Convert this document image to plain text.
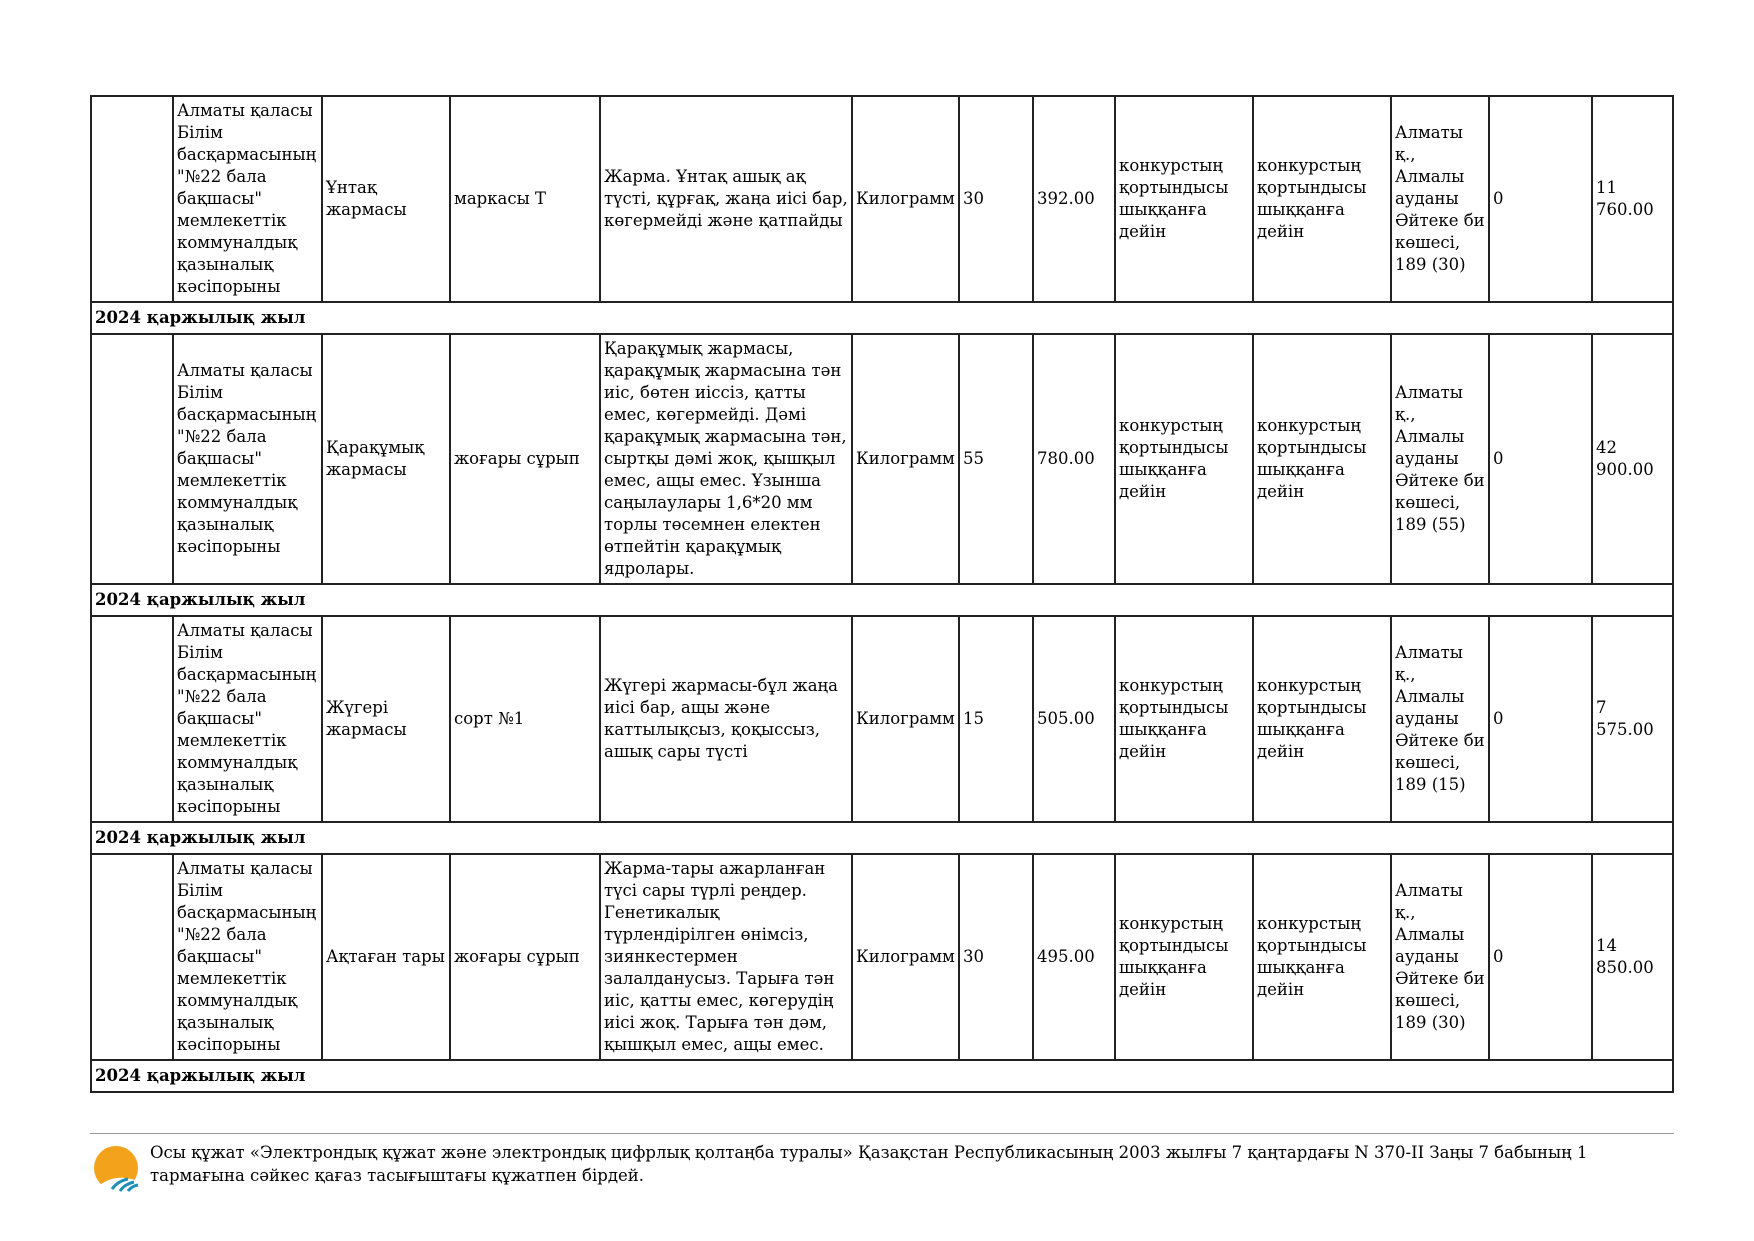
	Алматы қаласы Білім басқармасының "№22 бала бақшасы" мемлекеттік коммуналдық қазыналық кәсіпорыны	Ұнтақ жармасы	маркасы Т	Жарма. Ұнтақ ашық ақ түсті, құрғақ, жаңа иісі бар, көгермейді және қатпайды	Килограмм	30	392.00	конкурстың қортындысы шыққанға дейін	конкурстың қортындысы шыққанға дейін	Алматы қ., Алмалы ауданы Әйтеке би көшесі, 189 (30)	0	11 760.00
2024 қаржылық жыл												
	Алматы қаласы Білім басқармасының "№22 бала бақшасы" мемлекеттік коммуналдық қазыналық кәсіпорыны	Қарақұмық жармасы	жоғары сұрып	Қарақұмық жармасы, қарақұмық жармасына тән иіс, бөтен иіссіз, қатты емес, көгермейді. Дәмі қарақұмық жармасына тән, сыртқы дәмі жоқ, қышқыл емес, ащы емес. Ұзынша саңылаулары 1,6*20 мм торлы төсемнен електен өтпейтін қарақұмық ядролары.	Килограмм	55	780.00	конкурстың қортындысы шыққанға дейін	конкурстың қортындысы шыққанға дейін	Алматы қ., Алмалы ауданы Әйтеке би көшесі, 189 (55)	0	42 900.00
2024 қаржылық жыл												
	Алматы қаласы Білім басқармасының "№22 бала бақшасы" мемлекеттік коммуналдық қазыналық кәсіпорыны	Жүгері жармасы	сорт №1	Жүгері жармасы-бұл жаңа иісі бар, ащы және каттылықсыз, қоқыссыз, ашық сары түсті	Килограмм	15	505.00	конкурстың қортындысы шыққанға дейін	конкурстың қортындысы шыққанға дейін	Алматы қ., Алмалы ауданы Әйтеке би көшесі, 189 (15)	0	7 575.00
2024 қаржылық жыл												
	Алматы қаласы Білім басқармасының "№22 бала бақшасы" мемлекеттік коммуналдық қазыналық кәсіпорыны	Ақтаған тары	жоғары сұрып	Жарма-тары ажарланған түсі сары түрлі реңдер. Генетикалық түрлендірілген өнімсіз, зиянкестермен залалданусыз. Тарыға тән иіс, қатты емес, көгерудің иісі жоқ. Тарыға тән дәм, қышқыл емес, ащы емес.	Килограмм	30	495.00	конкурстың қортындысы шыққанға дейін	конкурстың қортындысы шыққанға дейін	Алматы қ., Алмалы ауданы Әйтеке би көшесі, 189 (30)	0	14 850.00
2024 қаржылық жыл												
Осы құжат «Электрондық құжат және электрондық цифрлық қолтаңба туралы» Қазақстан Республикасының 2003 жылғы 7 қаңтардағы N 370-II Заңы 7 бабының 1 тармағына сәйкес қағаз тасығыштағы құжатпен бірдей.
